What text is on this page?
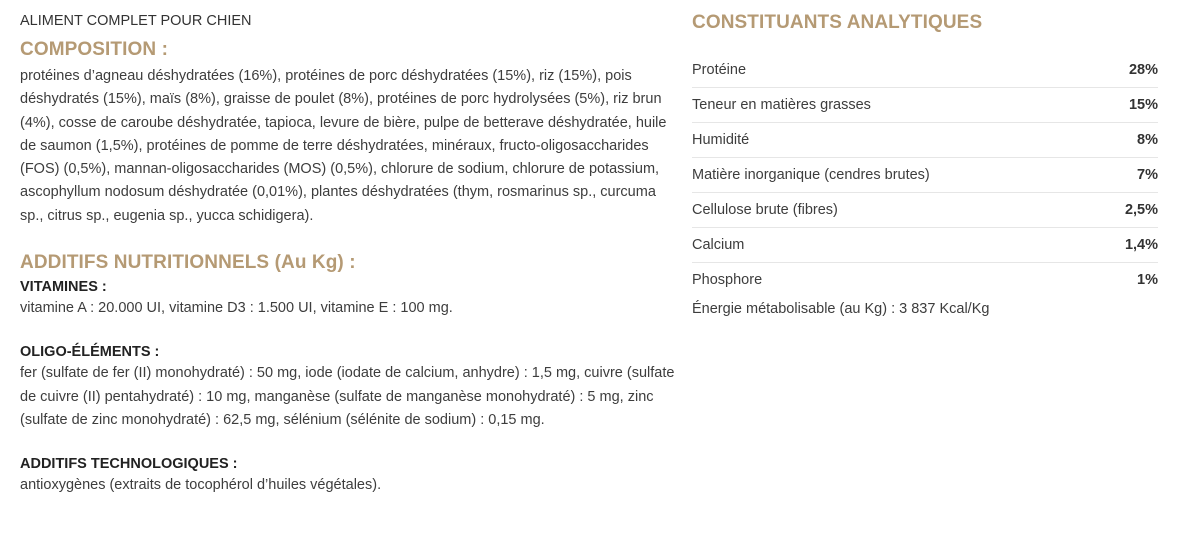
ALIMENT COMPLET POUR CHIEN
COMPOSITION :

protéines d’agneau déshydratées (16%), protéines de porc déshydratées (15%), riz (15%), pois déshydratés (15%), maïs (8%), graisse de poulet (8%), protéines de porc hydrolysées (5%), riz brun (4%), cosse de caroube déshydratée, tapioca, levure de bière, pulpe de betterave déshydratée, huile de saumon (1,5%), protéines de pomme de terre déshydratées, minéraux, fructo-oligosaccharides (FOS) (0,5%), mannan-oligosaccharides (MOS) (0,5%), chlorure de sodium, chlorure de potassium, ascophyllum nodosum déshydratée (0,01%), plantes déshydratées (thym, rosmarinus sp., curcuma sp., citrus sp., eugenia sp., yucca schidigera).

ADDITIFS NUTRITIONNELS (Au Kg) :
VITAMINES :

vitamine A : 20.000 UI, vitamine D3 : 1.500 UI, vitamine E : 100 mg.

OLIGO-ÉLÉMENTS :

fer (sulfate de fer (II) monohydraté) : 50 mg, iode (iodate de calcium, anhydre) : 1,5 mg, cuivre (sulfate de cuivre (II) pentahydraté) : 10 mg, manganèse (sulfate de manganèse monohydraté) : 5 mg, zinc (sulfate de zinc monohydraté) : 62,5 mg, sélénium (sélénite de sodium) : 0,15 mg.

ADDITIFS TECHNOLOGIQUES :

antioxygènes (extraits de tocophérol d’huiles végétales).

CONSTITUANTS ANALYTIQUES
Protéine	28%
Teneur en matières grasses	15%
Humidité	8%
Matière inorganique (cendres brutes)	7%
Cellulose brute (fibres)	2,5%
Calcium	1,4%
Phosphore	1%
Énergie métabolisable (au Kg) : 3 837 Kcal/Kg
